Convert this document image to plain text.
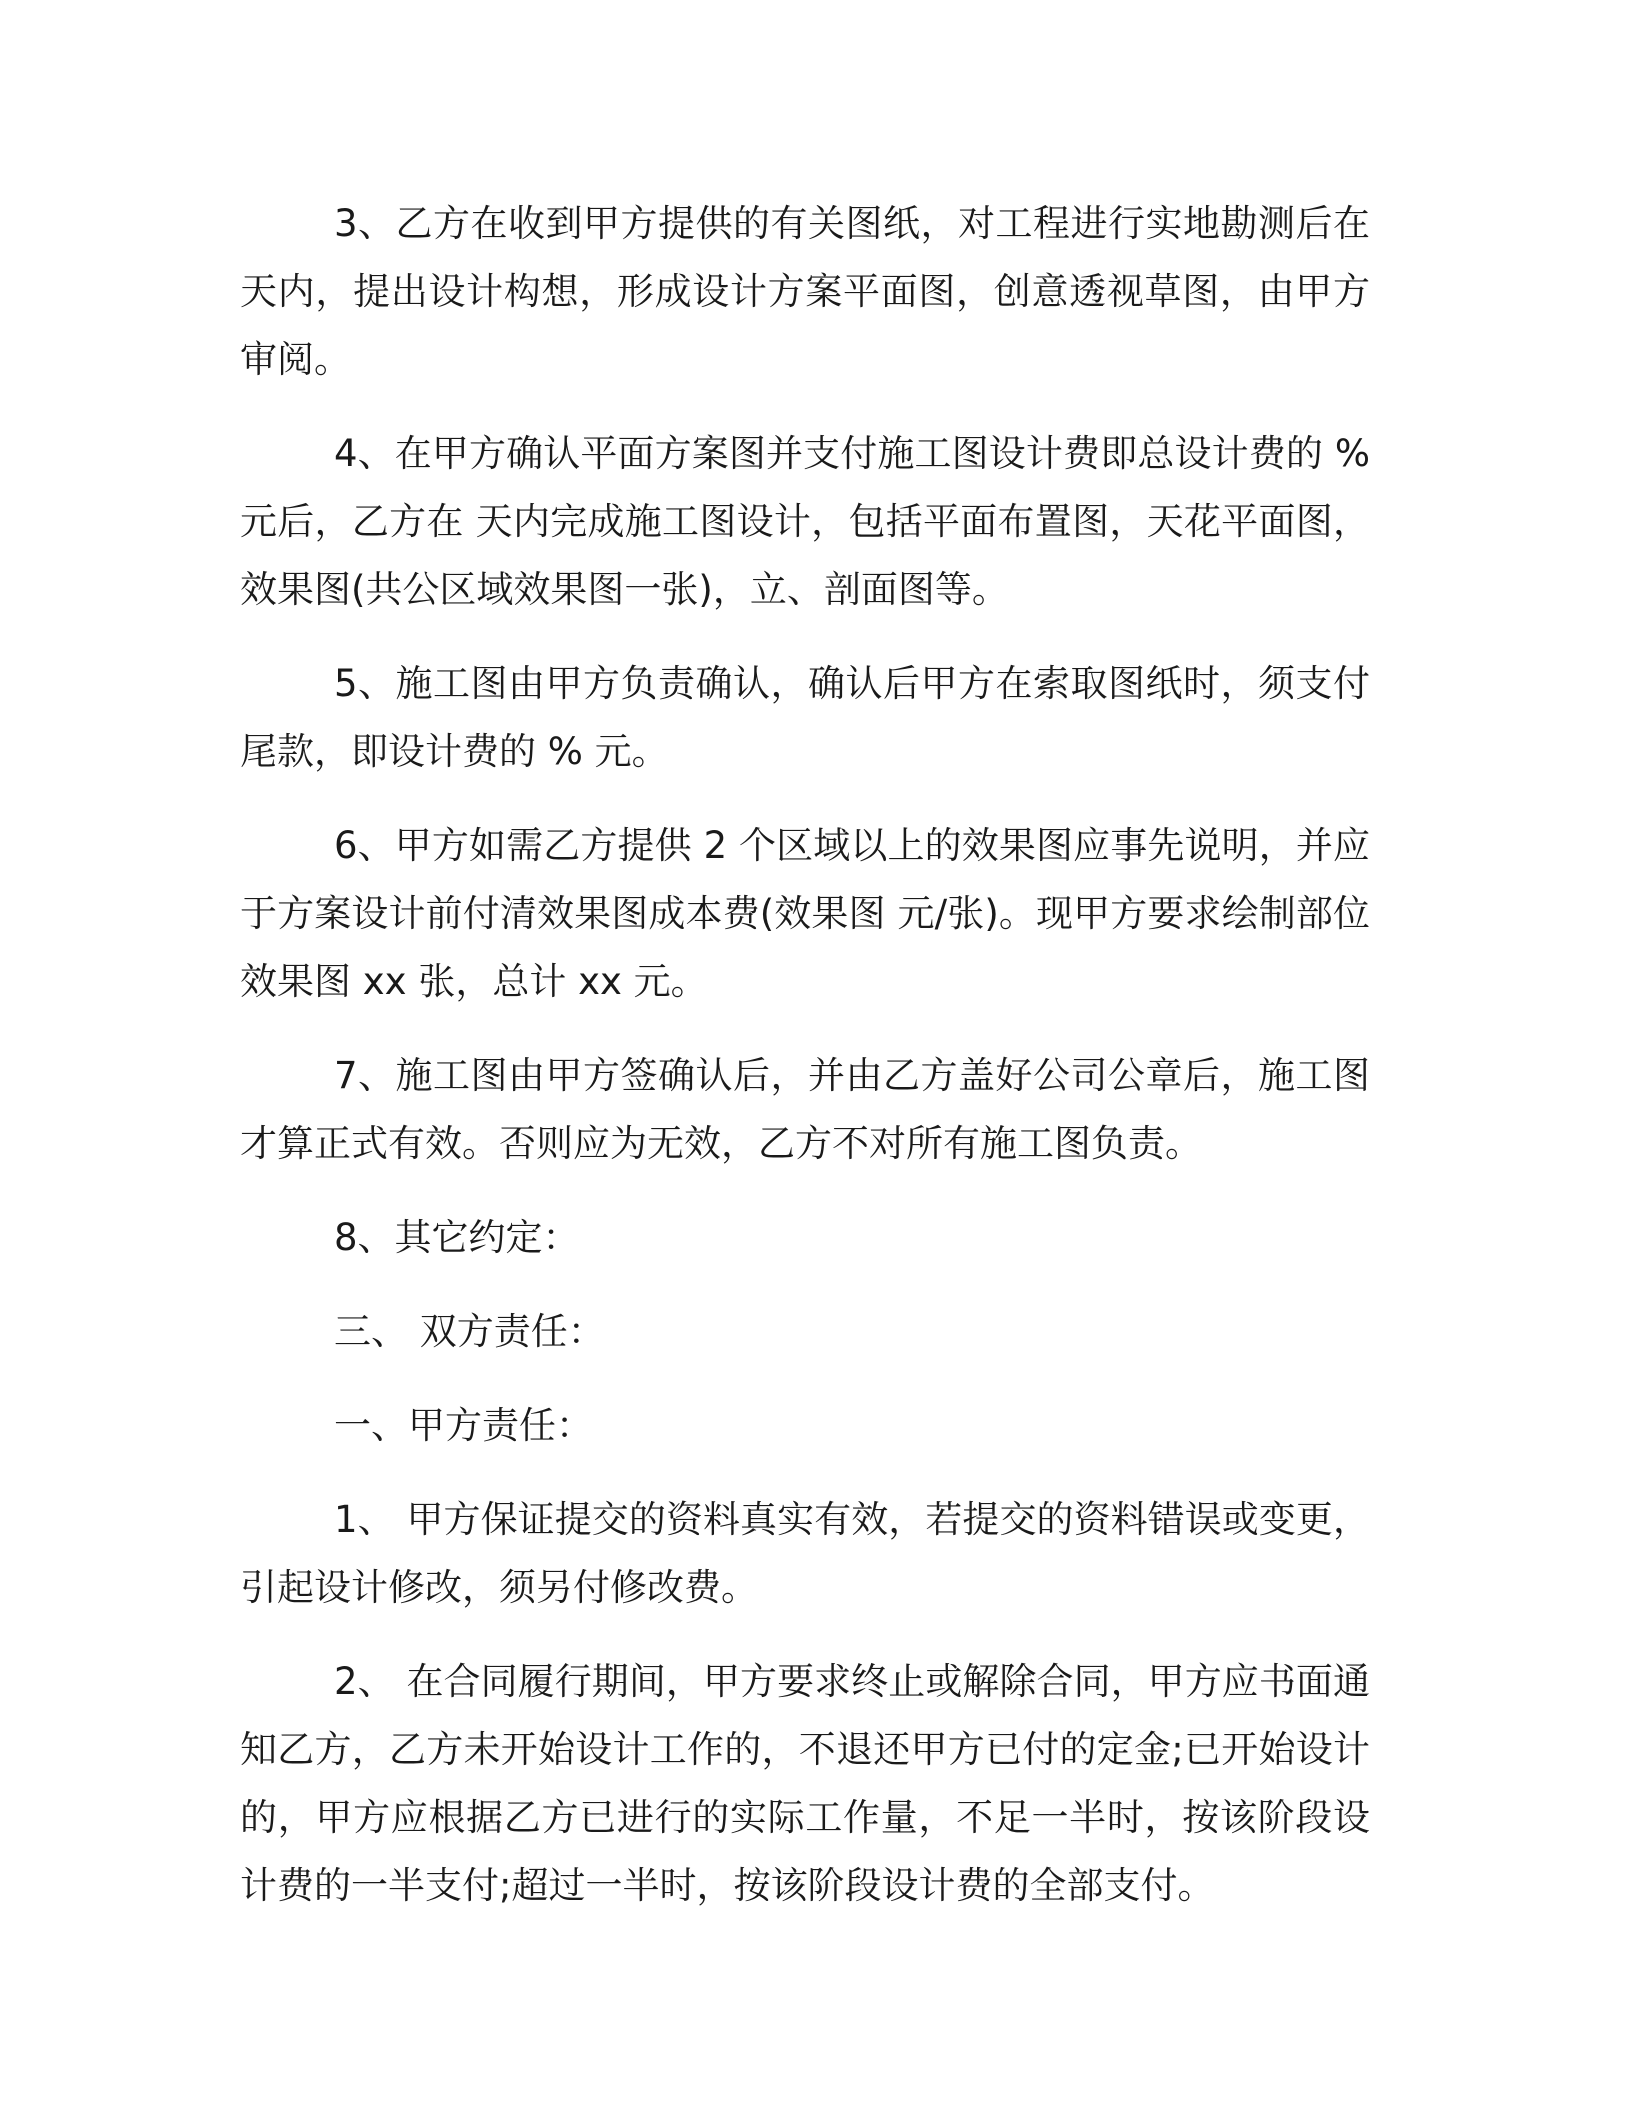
3、乙方在收到甲方提供的有关图纸，对工程进行实地勘测后在 天内，提出设计构想，形成设计方案平面图，创意透视草图，由甲方审阅。

4、在甲方确认平面方案图并支付施工图设计费即总设计费的 % 元后，乙方在 天内完成施工图设计，包括平面布置图，天花平面图，效果图(共公区域效果图一张)，立、剖面图等。

5、施工图由甲方负责确认，确认后甲方在索取图纸时，须支付尾款，即设计费的 % 元。

6、甲方如需乙方提供 2 个区域以上的效果图应事先说明，并应于方案设计前付清效果图成本费(效果图 元/张)。现甲方要求绘制部位效果图 xx 张，总计 xx 元。

7、施工图由甲方签确认后，并由乙方盖好公司公章后，施工图才算正式有效。否则应为无效，乙方不对所有施工图负责。

8、其它约定：

三、 双方责任：

一、甲方责任：

1、 甲方保证提交的资料真实有效，若提交的资料错误或变更，引起设计修改，须另付修改费。

2、 在合同履行期间，甲方要求终止或解除合同，甲方应书面通知乙方，乙方未开始设计工作的，不退还甲方已付的定金;已开始设计的，甲方应根据乙方已进行的实际工作量，不足一半时，按该阶段设计费的一半支付;超过一半时，按该阶段设计费的全部支付。
